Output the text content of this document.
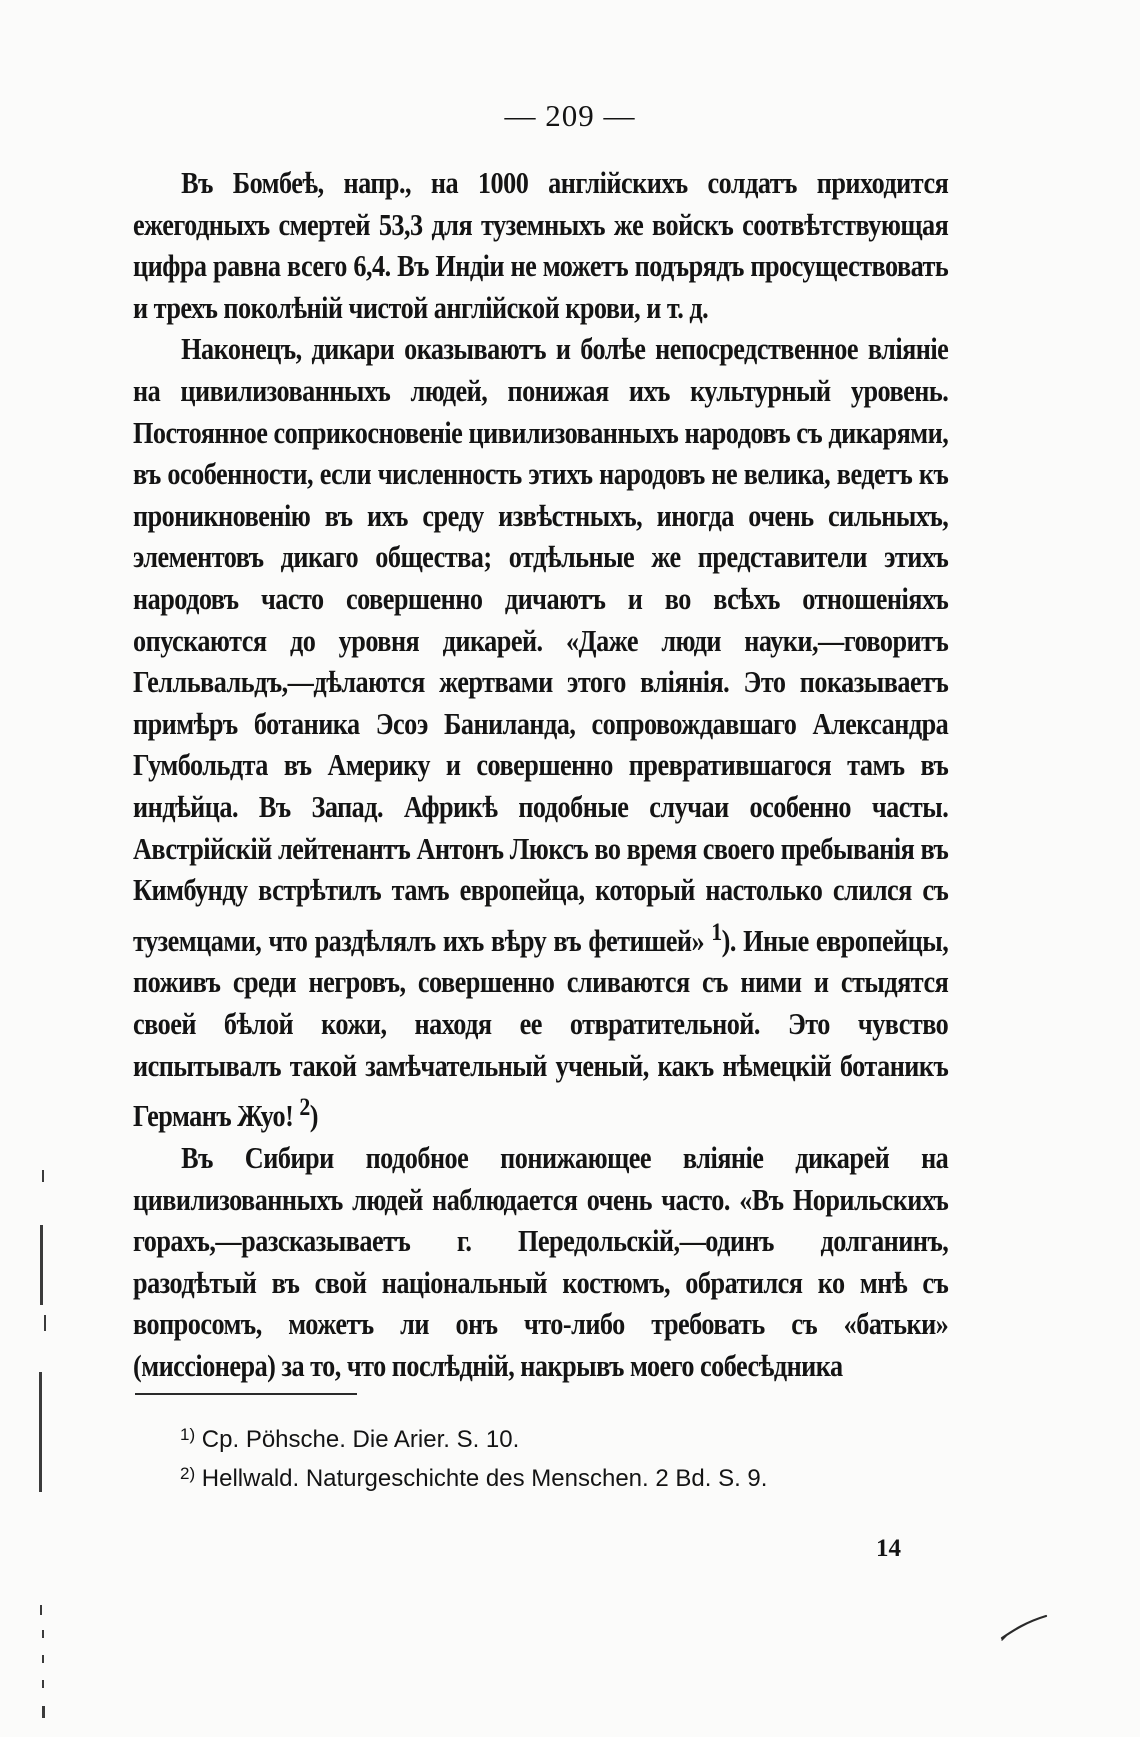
— 209 —

Въ Бомбеѣ, напр., на 1000 англійскихъ солдатъ приходится ежегодныхъ смертей 53,3 для туземныхъ же войскъ соотвѣтствующая цифра равна всего 6,4. Въ Индіи не можетъ подърядъ просуществовать и трехъ поколѣній чистой англійской крови, и т. д.

Наконецъ, дикари оказываютъ и болѣе непосредственное вліяніе на цивилизованныхъ людей, понижая ихъ культурный уровень. Постоянное соприкосновеніе цивилизованныхъ народовъ съ дикарями, въ особенности, если численность этихъ народовъ не велика, ведетъ къ проникновенію въ ихъ среду извѣстныхъ, иногда очень сильныхъ, элементовъ дикаго общества; отдѣльные же представители этихъ народовъ часто совершенно дичаютъ и во всѣхъ отношеніяхъ опускаются до уровня дикарей. «Даже люди науки,—говоритъ Гелльвальдъ,—дѣлаются жертвами этого вліянія. Это показываетъ примѣръ ботаника Эсоэ Баниланда, сопровождавшаго Александра Гумбольдта въ Америку и совершенно превратившагося тамъ въ индѣйца. Въ Запад. Африкѣ подобные случаи особенно часты. Австрійскій лейтенантъ Антонъ Люксъ во время своего пребыванія въ Кимбунду встрѣтилъ тамъ европейца, который настолько слился съ туземцами, что раздѣлялъ ихъ вѣру въ фетишей» $^1$). Иные европейцы, поживъ среди негровъ, совершенно сливаются съ ними и стыдятся своей бѣлой кожи, находя ее отвратительной. Это чувство испытывалъ такой замѣчательный ученый, какъ нѣмецкій ботаникъ Германъ Жуо! $^2$)

Въ Сибири подобное понижающее вліяніе дикарей на цивилизованныхъ людей наблюдается очень часто. «Въ Норильскихъ горахъ,—разсказываетъ г. Передольскій,—одинъ долганинъ, разодѣтый въ свой національный костюмъ, обратился ко мнѣ съ вопросомъ, можетъ ли онъ что-либо требовать съ «батьки» (миссіонера) за то, что послѣдній, накрывъ моего собесѣдника

$^{1)}$ Cp. Pöhsche. Die Arier. S. 10.
$^{2)}$ Hellwald. Naturgeschichte des Menschen. 2 Bd. S. 9.
14
